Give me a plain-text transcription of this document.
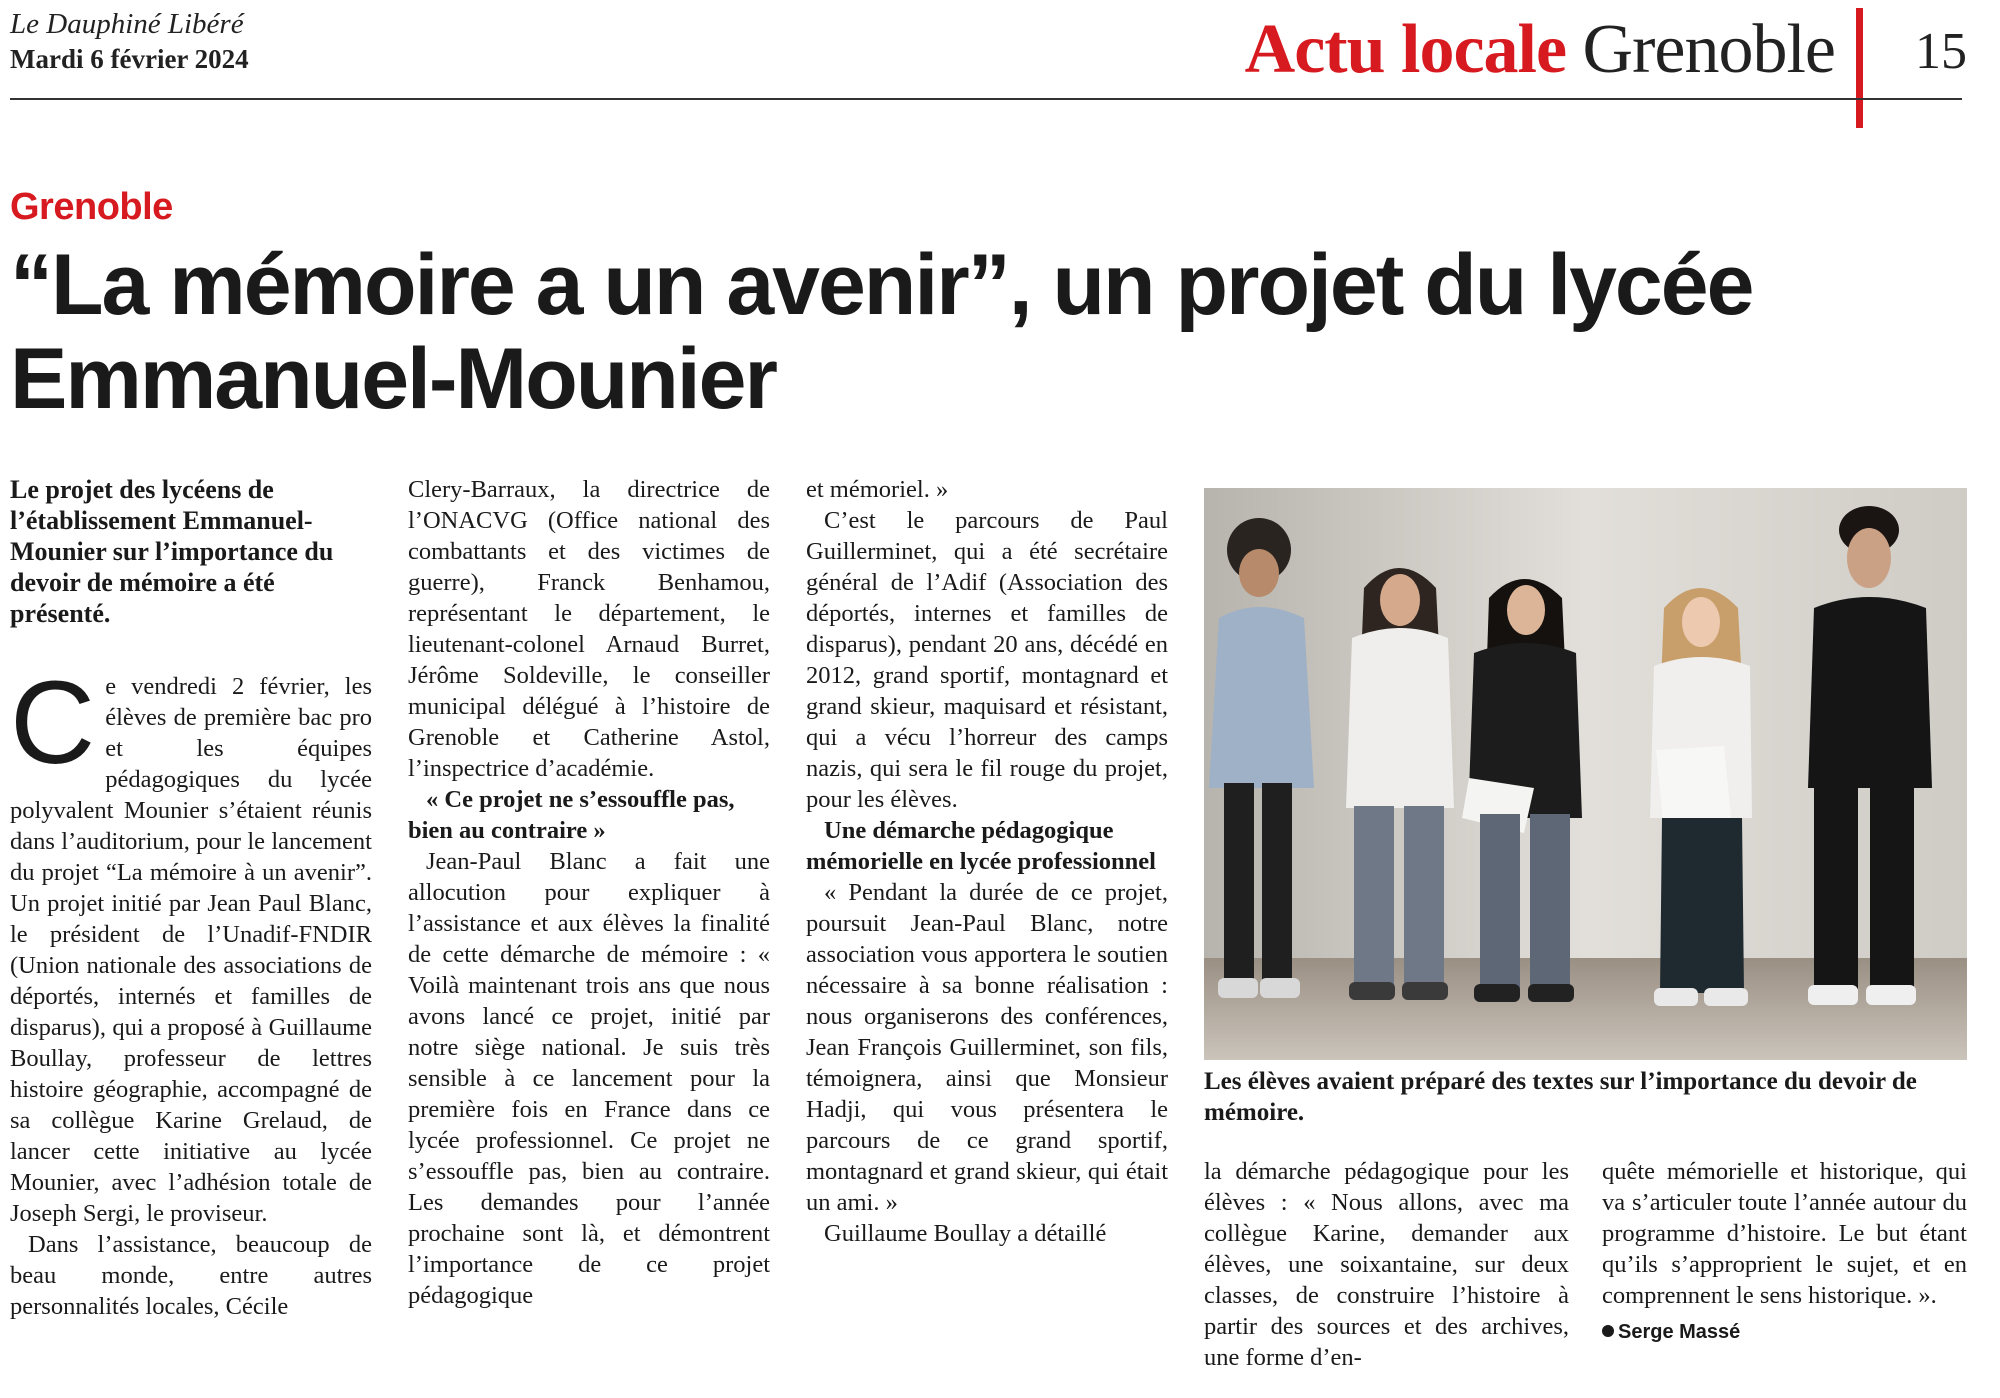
Le Dauphiné Libéré
Mardi 6 février 2024	Actu locale Grenoble 15
Grenoble
“La mémoire a un avenir”, un projet du lycée Emmanuel-Mounier

Le projet des lycéens de l’établissement Emmanuel-Mounier sur l’importance du devoir de mémoire a été présenté.

Ce vendredi 2 février, les élèves de première bac pro et les équipes pédagogiques du lycée polyvalent Mounier s’étaient réunis dans l’auditorium, pour le lancement du projet “La mémoire à un avenir”. Un projet initié par Jean Paul Blanc, le président de l’Unadif-FNDIR (Union nationale des associations de déportés, internés et familles de disparus), qui a proposé à Guillaume Boullay, professeur de lettres histoire géographie, accompagné de sa collègue Karine Grelaud, de lancer cette initiative au lycée Mounier, avec l’adhésion totale de Joseph Sergi, le proviseur.

Dans l’assistance, beaucoup de beau monde, entre autres personnalités locales, Cécile

Clery-Barraux, la directrice de l’ONACVG (Office national des combattants et des victimes de guerre), Franck Benhamou, représentant le département, le lieutenant-colonel Arnaud Burret, Jérôme Soldeville, le conseiller municipal délégué à l’histoire de Grenoble et Catherine Astol, l’inspectrice d’académie.

« Ce projet ne s’essouffle pas, bien au contraire »

Jean-Paul Blanc a fait une allocution pour expliquer à l’assistance et aux élèves la finalité de cette démarche de mémoire : « Voilà maintenant trois ans que nous avons lancé ce projet, initié par notre siège national. Je suis très sensible à ce lancement pour la première fois en France dans ce lycée professionnel. Ce projet ne s’essouffle pas, bien au contraire. Les demandes pour l’année prochaine sont là, et démontrent l’importance de ce projet pédagogique

et mémoriel. »

C’est le parcours de Paul Guillerminet, qui a été secrétaire général de l’Adif (Association des déportés, internes et familles de disparus), pendant 20 ans, décédé en 2012, grand sportif, montagnard et grand skieur, maquisard et résistant, qui a vécu l’horreur des camps nazis, qui sera le fil rouge du projet, pour les élèves.

Une démarche pédagogique mémorielle en lycée professionnel

« Pendant la durée de ce projet, poursuit Jean-Paul Blanc, notre association vous apportera le soutien nécessaire à sa bonne réalisation : nous organiserons des conférences, Jean François Guillerminet, son fils, témoignera, ainsi que Monsieur Hadji, qui vous présentera le parcours de ce grand sportif, montagnard et grand skieur, qui était un ami. »

Guillaume Boullay a détaillé

Les élèves avaient préparé des textes sur l’importance du devoir de mémoire.

la démarche pédagogique pour les élèves : « Nous allons, avec ma collègue Karine, demander aux élèves, une soixantaine, sur deux classes, de construire l’histoire à partir des sources et des archives, une forme d’en-

quête mémorielle et historique, qui va s’articuler toute l’année autour du programme d’histoire. Le but étant qu’ils s’approprient le sujet, et en comprennent le sens historique. ».

Serge Massé
